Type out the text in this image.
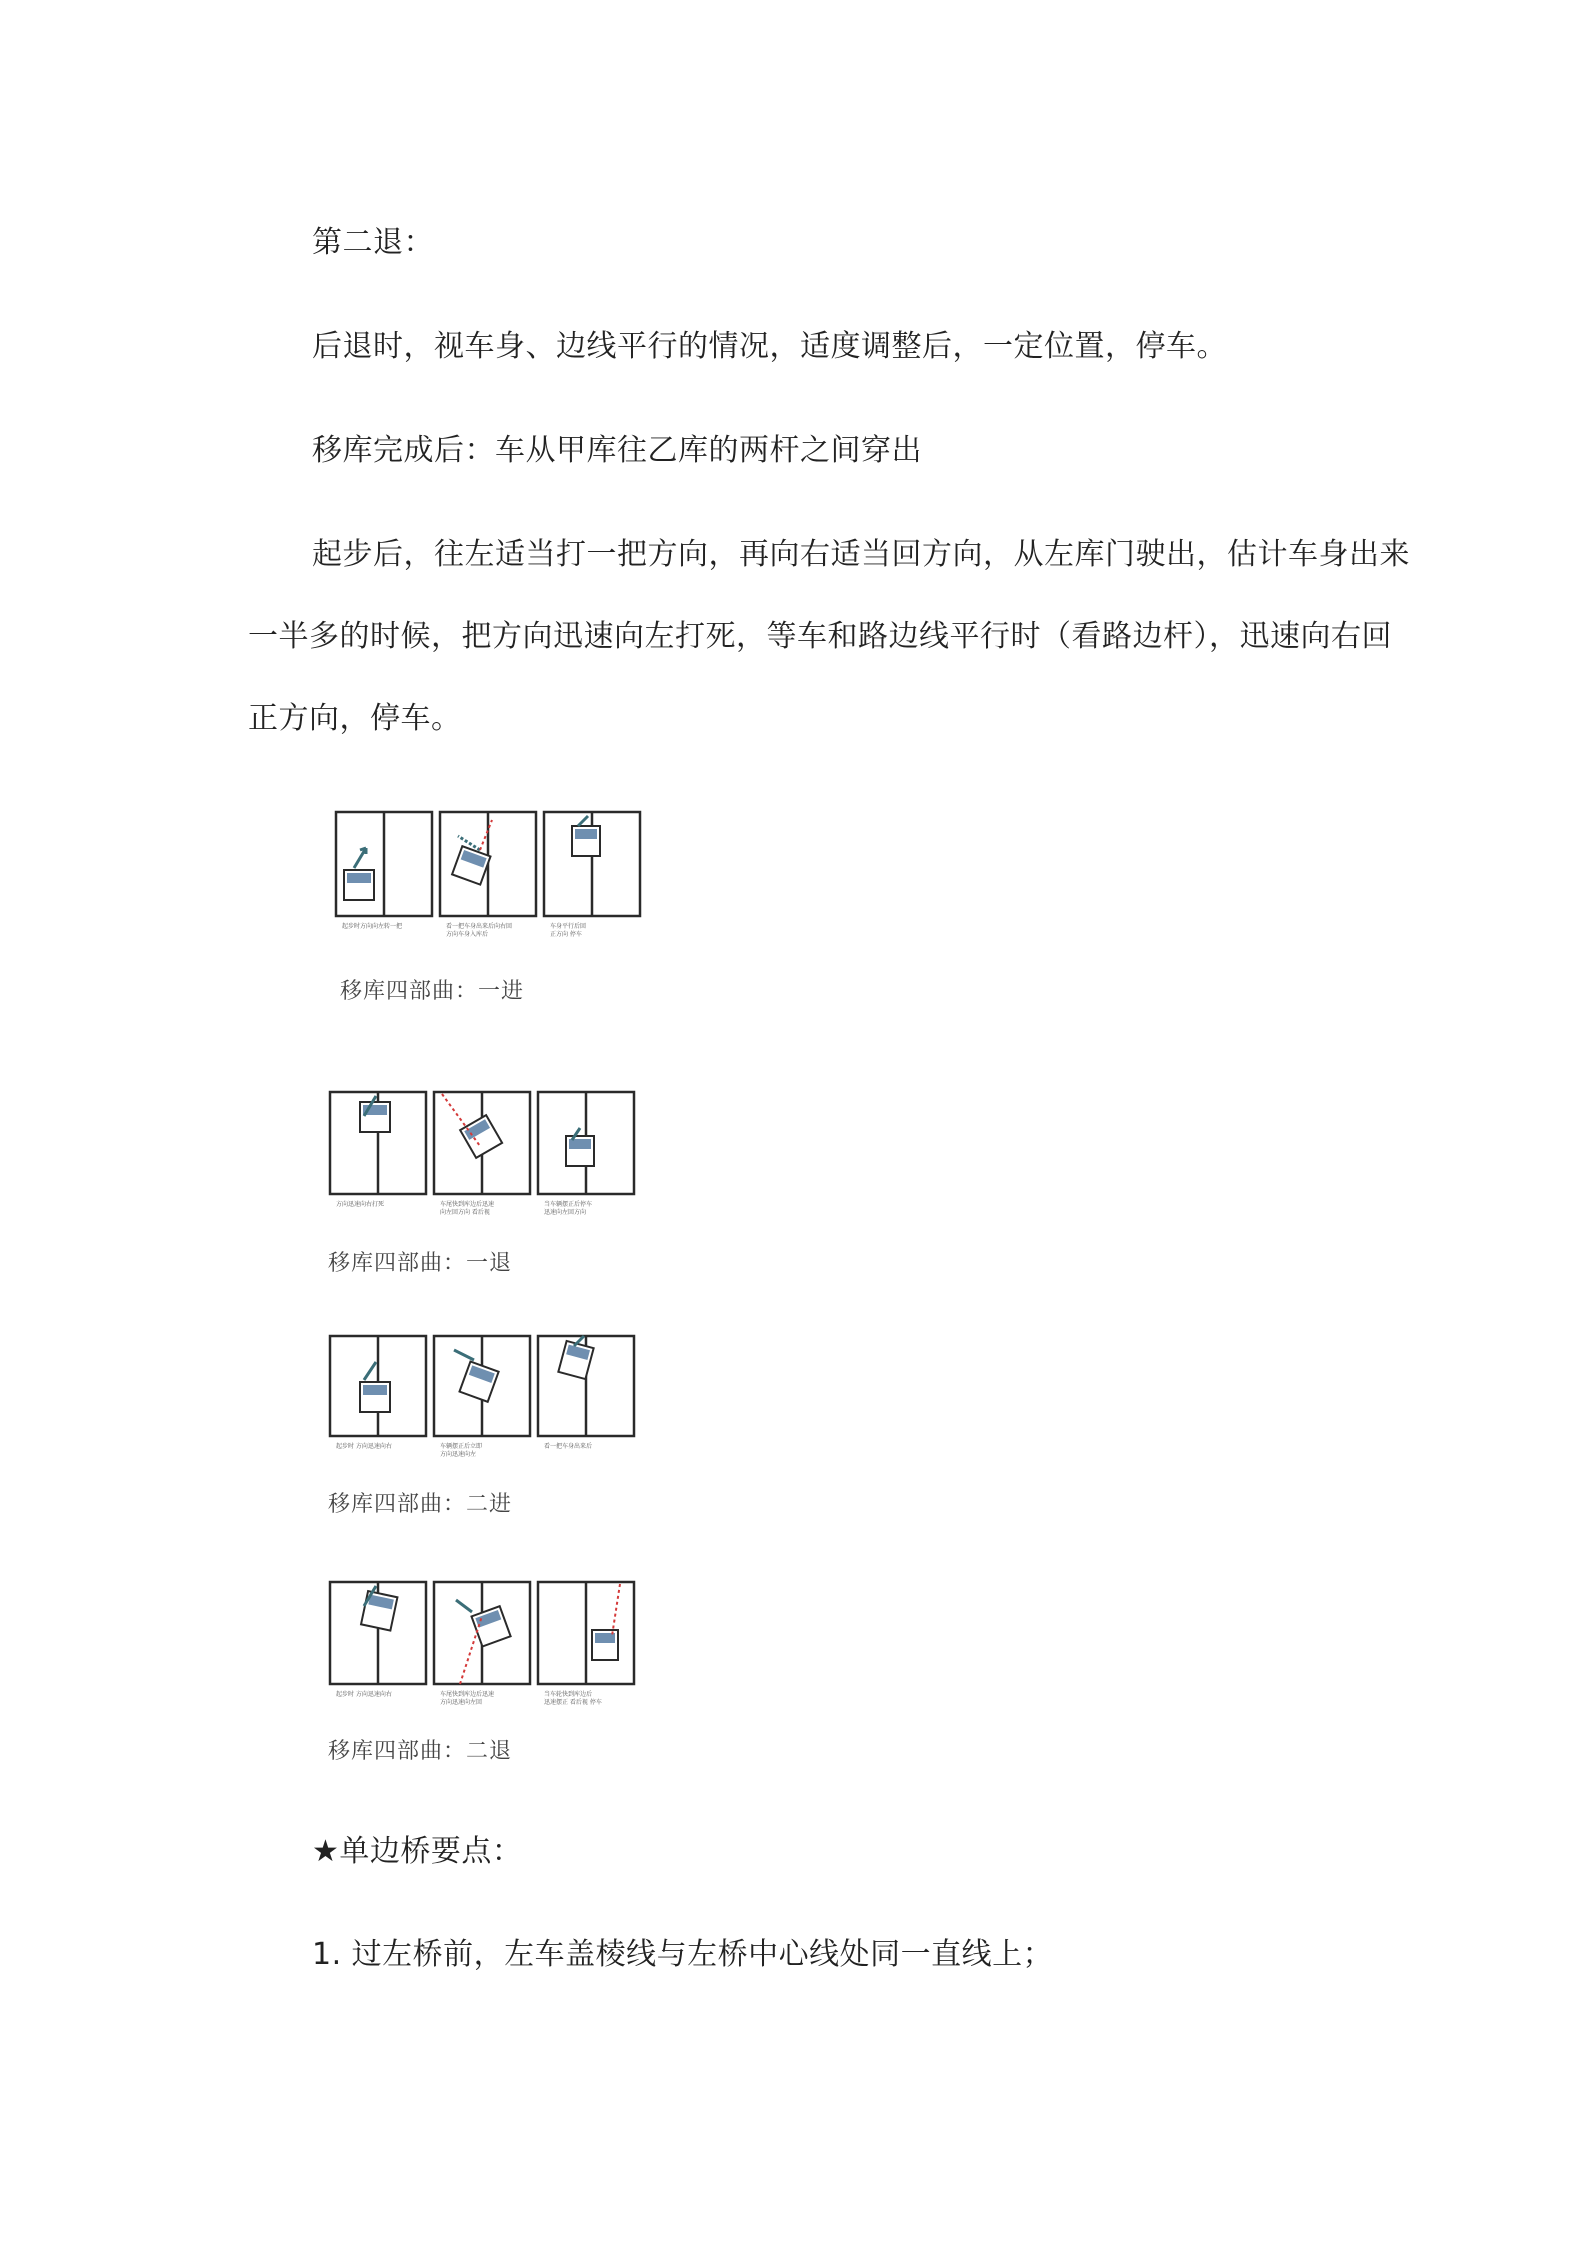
第二退：
后退时，视车身、边线平行的情况，适度调整后，一定位置，停车。
移库完成后：车从甲库往乙库的两杆之间穿出
起步后，往左适当打一把方向，再向右适当回方向，从左库门驶出，估计车身出来
一半多的时候，把方向迅速向左打死，等车和路边线平行时（看路边杆），迅速向右回
正方向，停车。
起步时方向向左转一把	看一把车身出来后向右回
方向车身入库后
车身平行后回
正方向 停车
移库四部曲：一进
方向迅速向右打死	车尾快到库边后迅速
向左回方向 看后视
当车辆摆正后停车
迅速向左回方向
移库四部曲：一退
起步时 方向迅速向右	车辆摆正后立即
方向迅速向左
看一把车身出来后
移库四部曲：二进
起步时 方向迅速向右	车尾快到库边后迅速
方向迅速向左回
当车轮快到库边后
迅速摆正 看后视 停车
移库四部曲：二退
★单边桥要点：
1. 过左桥前，左车盖棱线与左桥中心线处同一直线上；
